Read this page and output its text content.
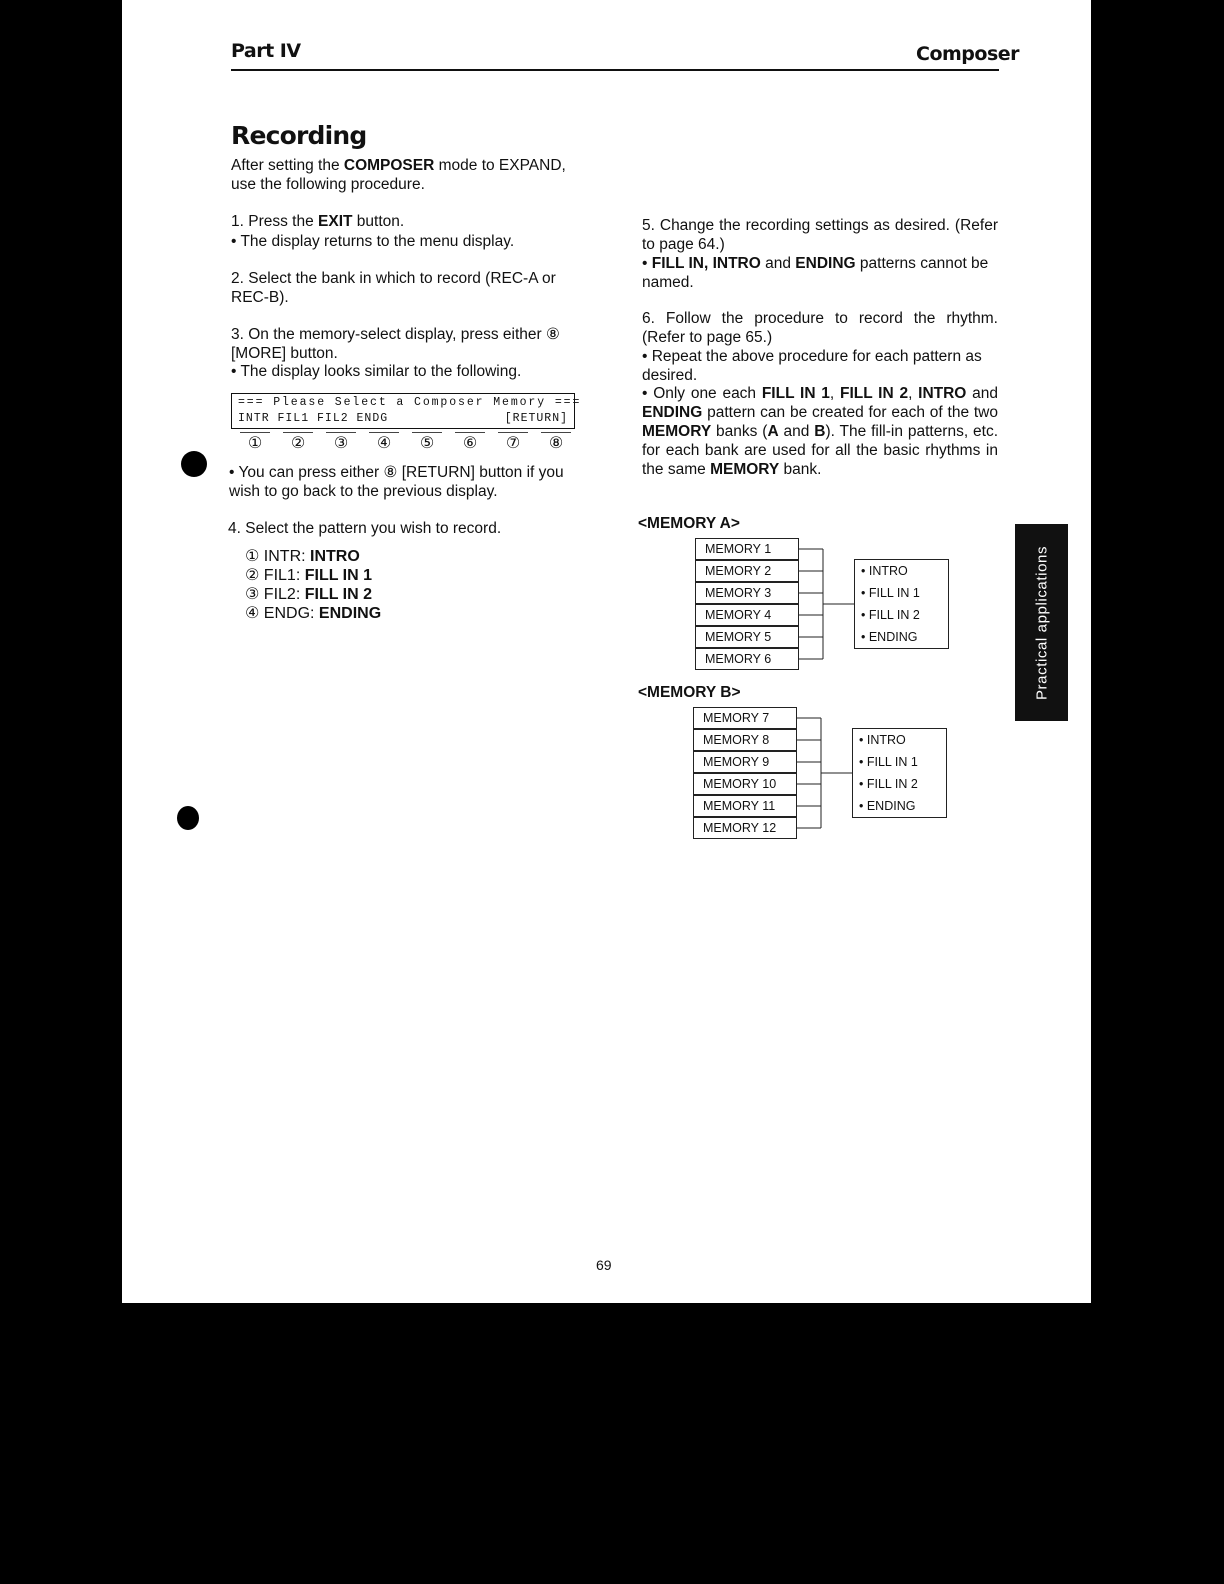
Part IV	Composer
Recording
After setting the COMPOSER mode to EXPAND, use the following procedure.
1. Press the EXIT button.
• The display returns to the menu display.
2. Select the bank in which to record (REC-A or REC-B).
3. On the memory-select display, press either ⑧ [MORE] button.
• The display looks similar to the following.
=== Please Select a Composer Memory ===
INTR FIL1 FIL2 ENDG	[RETURN]
① ② ③ ④ ⑤ ⑥ ⑦ ⑧
• You can press either ⑧ [RETURN] button if you wish to go back to the previous display.
4. Select the pattern you wish to record.
① INTR: INTRO
② FIL1: FILL IN 1
③ FIL2: FILL IN 2
④ ENDG: ENDING
5. Change the recording settings as desired. (Refer to page 64.)
• FILL IN, INTRO and ENDING patterns cannot be named.
6. Follow the procedure to record the rhythm. (Refer to page 65.)
• Repeat the above procedure for each pattern as desired.
• Only one each FILL IN 1, FILL IN 2, INTRO and ENDING pattern can be created for each of the two MEMORY banks (A and B). The fill-in patterns, etc. for each bank are used for all the basic rhythms in the same MEMORY bank.
<MEMORY A>
MEMORY 1
MEMORY 2
MEMORY 3
MEMORY 4
MEMORY 5
MEMORY 6
• INTRO
• FILL IN 1
• FILL IN 2
• ENDING
<MEMORY B>
MEMORY 7
MEMORY 8
MEMORY 9
MEMORY 10
MEMORY 11
MEMORY 12
• INTRO
• FILL IN 1
• FILL IN 2
• ENDING
Practical applications
69
